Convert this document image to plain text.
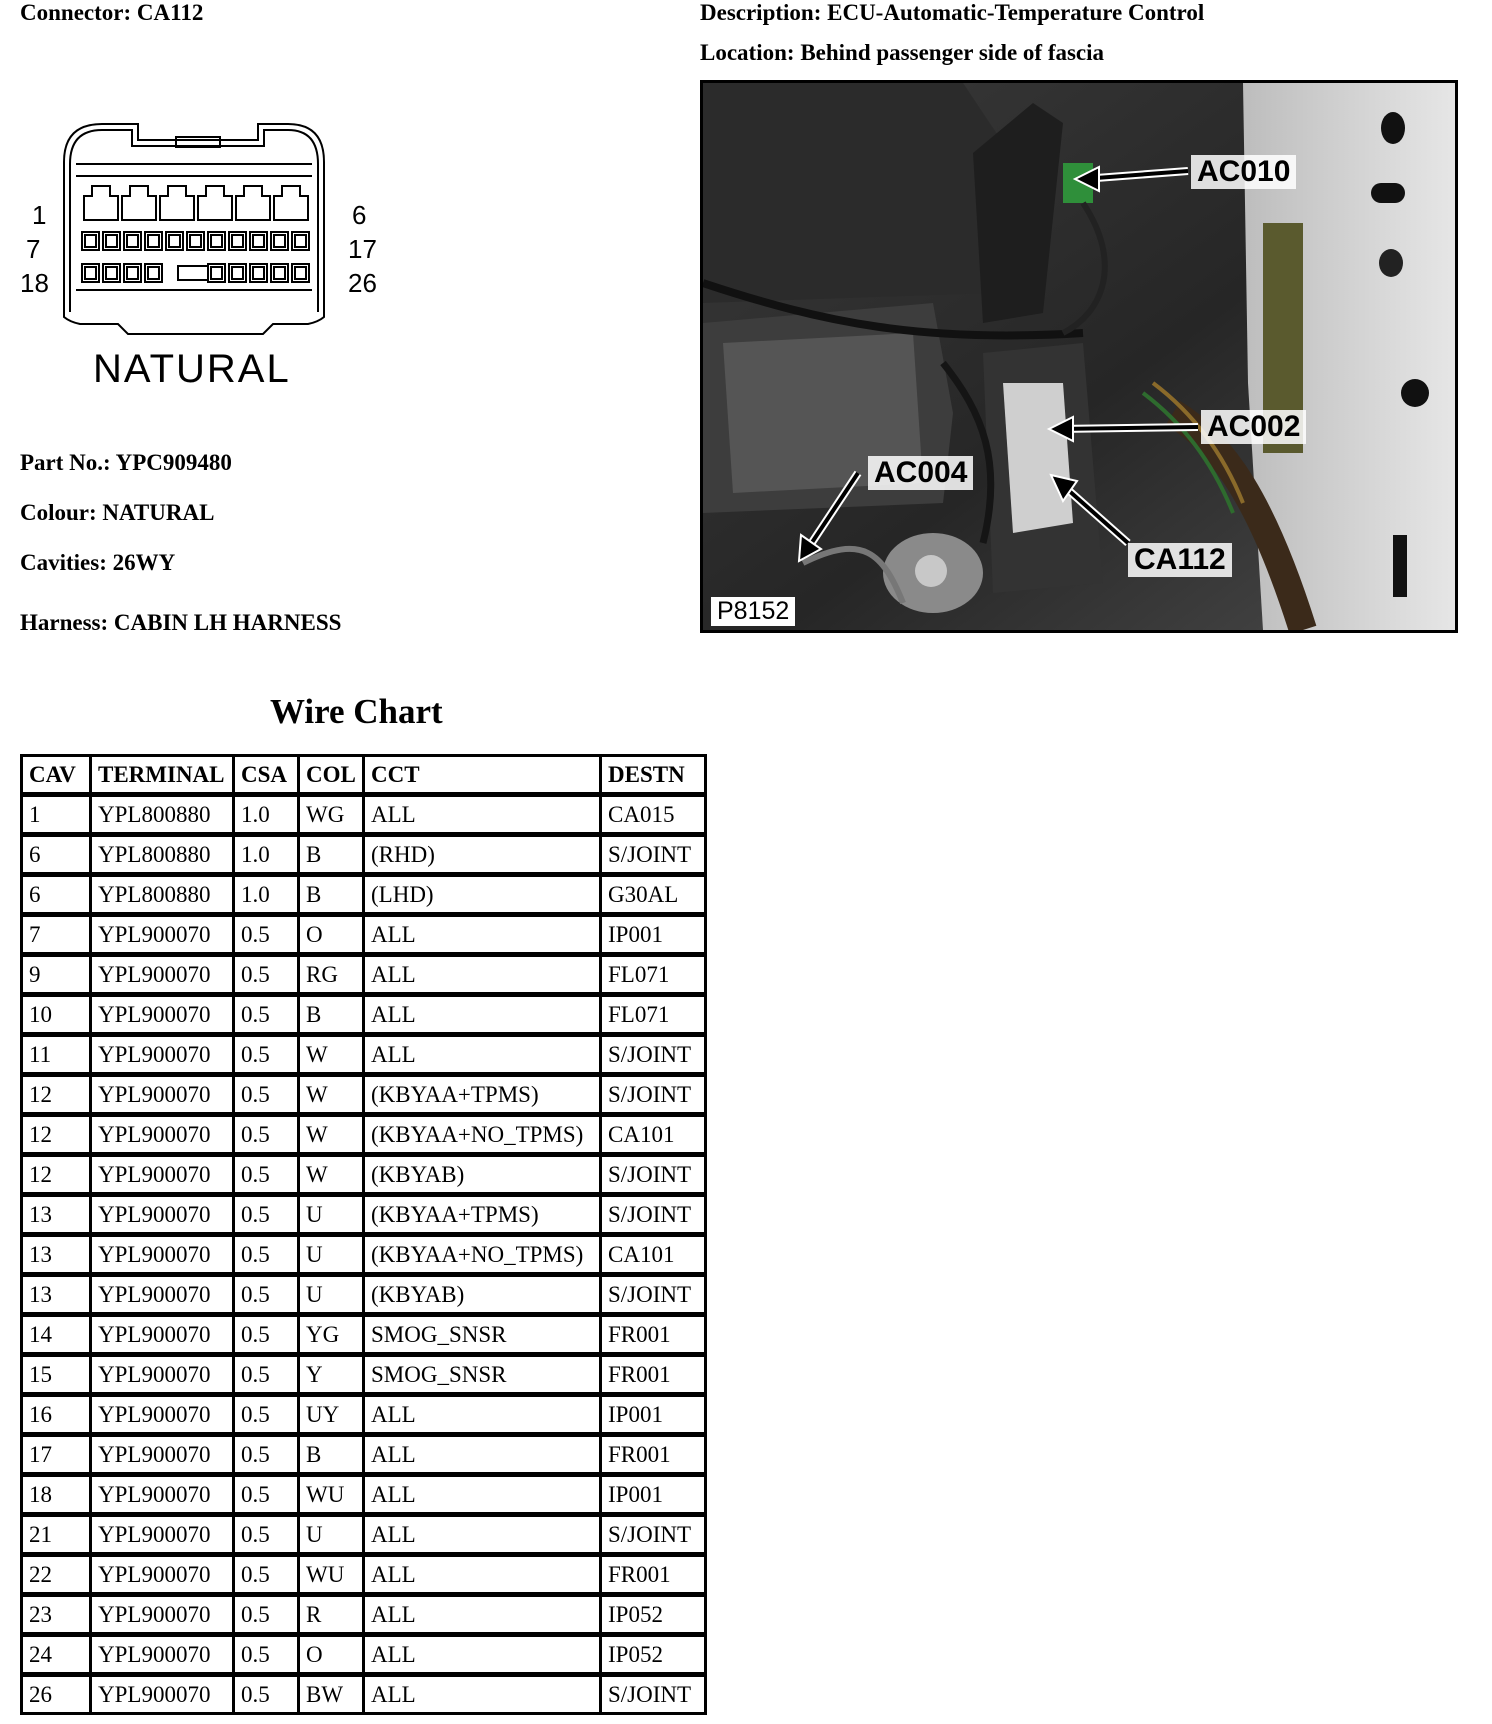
Connector: CA112	Description: ECU-Automatic-Temperature Control
Location: Behind passenger side of fascia
1
7
18
6
17
26
NATURAL
Part No.: YPC909480
Colour: NATURAL
Cavities: 26WY
Harness: CABIN LH HARNESS
AC010
AC002
AC004
CA112
P8152
Wire Chart
CAV	TERMINAL	CSA	COL	CCT	DESTN
1	YPL800880	1.0	WG	ALL	CA015
6	YPL800880	1.0	B	(RHD)	S/JOINT
6	YPL800880	1.0	B	(LHD)	G30AL
7	YPL900070	0.5	O	ALL	IP001
9	YPL900070	0.5	RG	ALL	FL071
10	YPL900070	0.5	B	ALL	FL071
11	YPL900070	0.5	W	ALL	S/JOINT
12	YPL900070	0.5	W	(KBYAA+TPMS)	S/JOINT
12	YPL900070	0.5	W	(KBYAA+NO_TPMS)	CA101
12	YPL900070	0.5	W	(KBYAB)	S/JOINT
13	YPL900070	0.5	U	(KBYAA+TPMS)	S/JOINT
13	YPL900070	0.5	U	(KBYAA+NO_TPMS)	CA101
13	YPL900070	0.5	U	(KBYAB)	S/JOINT
14	YPL900070	0.5	YG	SMOG_SNSR	FR001
15	YPL900070	0.5	Y	SMOG_SNSR	FR001
16	YPL900070	0.5	UY	ALL	IP001
17	YPL900070	0.5	B	ALL	FR001
18	YPL900070	0.5	WU	ALL	IP001
21	YPL900070	0.5	U	ALL	S/JOINT
22	YPL900070	0.5	WU	ALL	FR001
23	YPL900070	0.5	R	ALL	IP052
24	YPL900070	0.5	O	ALL	IP052
26	YPL900070	0.5	BW	ALL	S/JOINT
